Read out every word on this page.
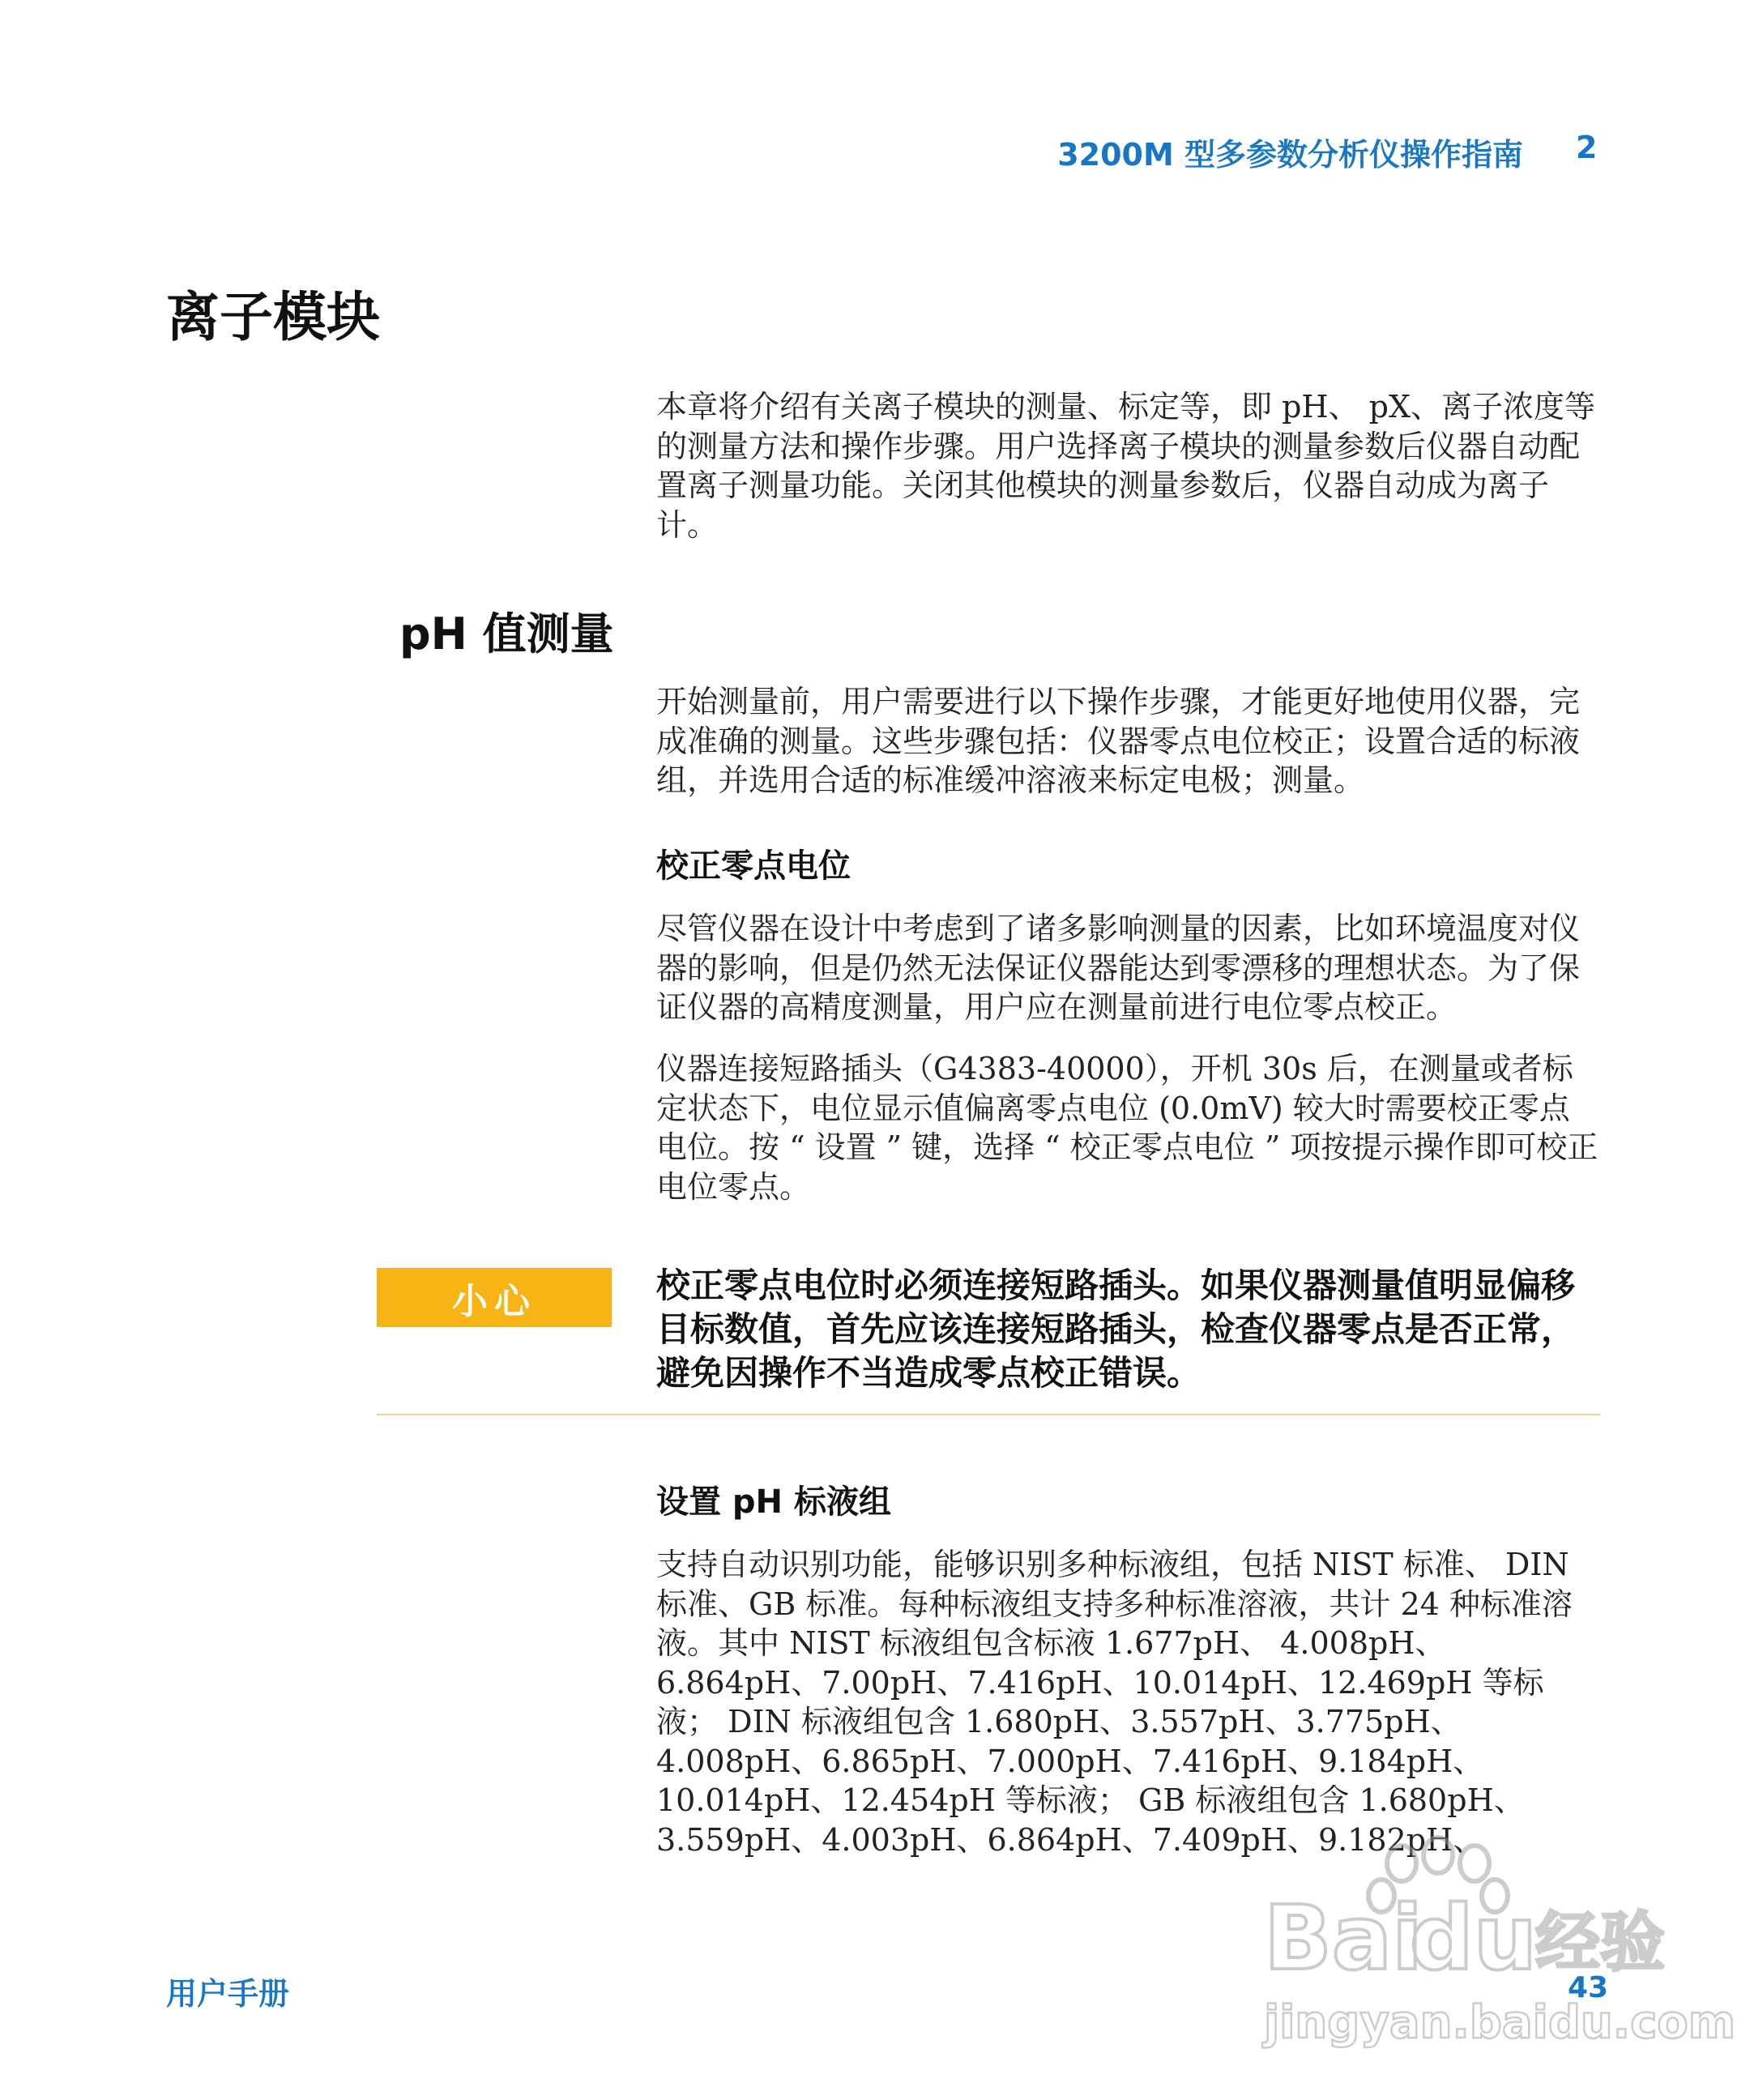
3200M 型多参数分析仪操作指南 2
离子模块
本章将介绍有关离子模块的测量、标定等，即 pH、 pX、离子浓度等的测量方法和操作步骤。用户选择离子模块的测量参数后仪器自动配置离子测量功能。关闭其他模块的测量参数后，仪器自动成为离子计。
pH 值测量
开始测量前，用户需要进行以下操作步骤，才能更好地使用仪器，完成准确的测量。这些步骤包括：仪器零点电位校正；设置合适的标液组，并选用合适的标准缓冲溶液来标定电极；测量。
校正零点电位
尽管仪器在设计中考虑到了诸多影响测量的因素，比如环境温度对仪器的影响，但是仍然无法保证仪器能达到零漂移的理想状态。为了保证仪器的高精度测量，用户应在测量前进行电位零点校正。
仪器连接短路插头（G4383-40000），开机 30s 后，在测量或者标定状态下，电位显示值偏离零点电位 (0.0mV) 较大时需要校正零点电位。按 “ 设置 ” 键，选择 “ 校正零点电位 ” 项按提示操作即可校正电位零点。
小心	校正零点电位时必须连接短路插头。如果仪器测量值明显偏移目标数值，首先应该连接短路插头，检查仪器零点是否正常，避免因操作不当造成零点校正错误。
设置 pH 标液组
支持自动识别功能，能够识别多种标液组，包括 NIST 标准、 DIN 标准、GB 标准。每种标液组支持多种标准溶液，共计 24 种标准溶液。其中 NIST 标液组包含标液 1.677pH、 4.008pH、 6.864pH、7.00pH、7.416pH、10.014pH、12.469pH 等标液； DIN 标液组包含 1.680pH、3.557pH、3.775pH、4.008pH、6.865pH、7.000pH、7.416pH、9.184pH、10.014pH、12.454pH 等标液； GB 标液组包含 1.680pH、3.559pH、4.003pH、6.864pH、7.409pH、9.182pH、
用户手册	43
Bai
du
经验
jingyan.baidu.com
